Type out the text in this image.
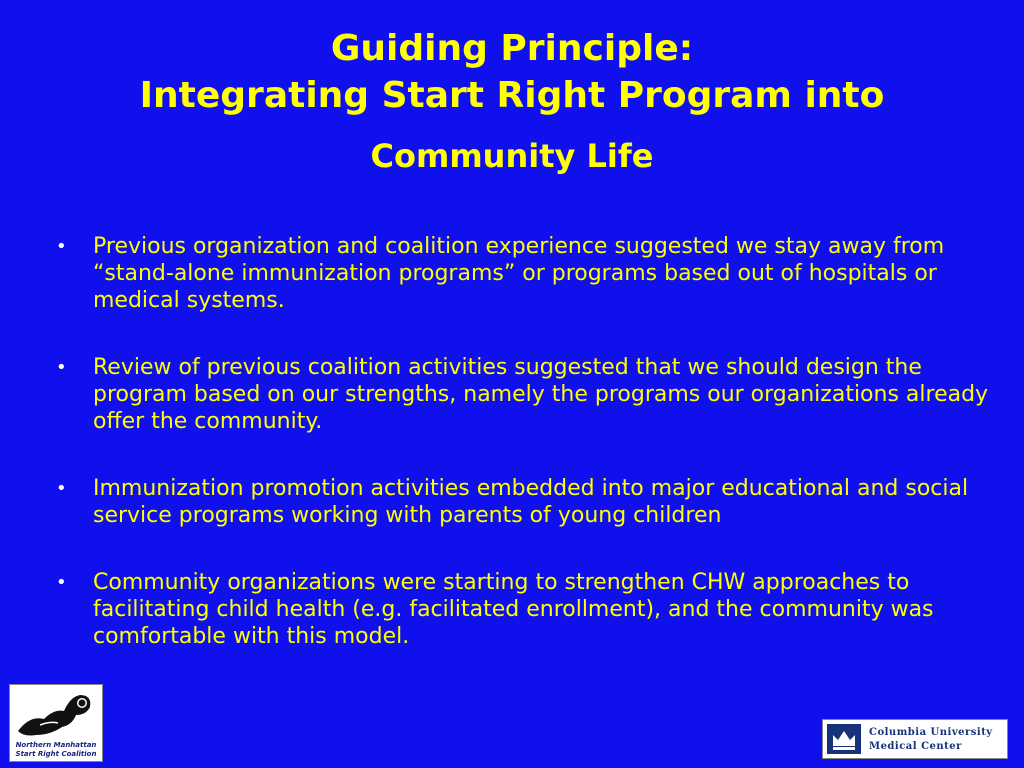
Guiding Principle:
Integrating Start Right Program into
Community Life
• Previous organization and coalition experience suggested we stay away from “stand-alone immunization programs” or programs based out of hospitals or medical systems.
• Review of previous coalition activities suggested that we should design the program based on our strengths, namely the programs our organizations already offer the community.
• Immunization promotion activities embedded into major educational and social service programs working with parents of young children
• Community organizations were starting to strengthen CHW approaches to facilitating child health (e.g. facilitated enrollment), and the community was comfortable with this model.
Northern Manhattan
Start Right Coalition
Columbia University
Medical Center
